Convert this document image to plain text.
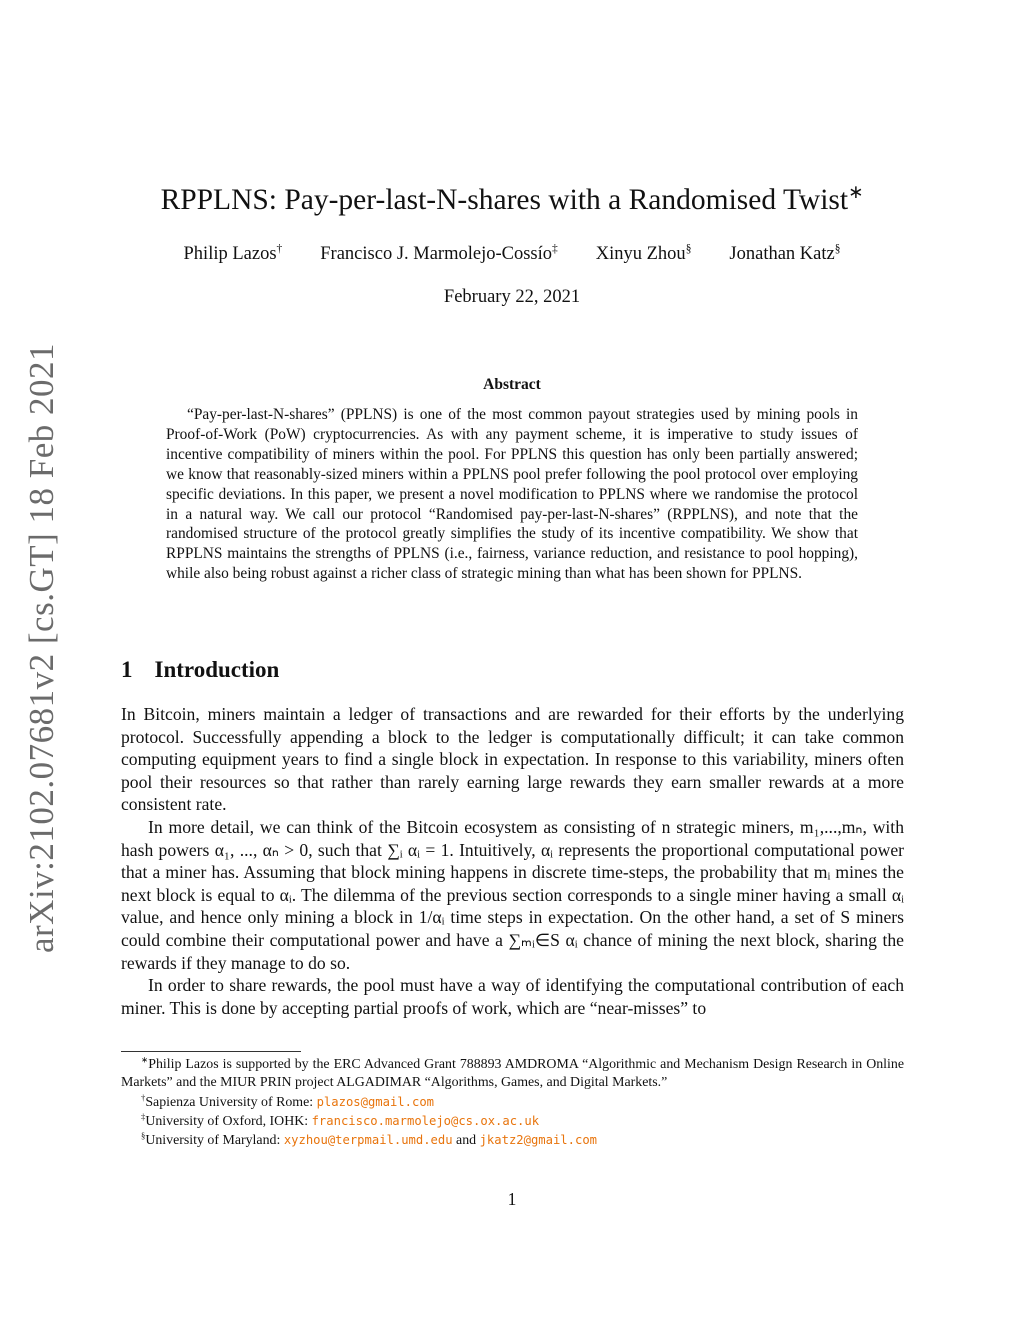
arXiv:2102.07681v2 [cs.GT] 18 Feb 2021
RPPLNS: Pay-per-last-N-shares with a Randomised Twist∗
Philip Lazos† Francisco J. Marmolejo-Cossío‡ Xinyu Zhou§ Jonathan Katz§
February 22, 2021
Abstract

“Pay-per-last-N-shares” (PPLNS) is one of the most common payout strategies used by mining pools in Proof-of-Work (PoW) cryptocurrencies. As with any payment scheme, it is imperative to study issues of incentive compatibility of miners within the pool. For PPLNS this question has only been partially answered; we know that reasonably-sized miners within a PPLNS pool prefer following the pool protocol over employing specific deviations. In this paper, we present a novel modification to PPLNS where we randomise the protocol in a natural way. We call our protocol “Randomised pay-per-last-N-shares” (RPPLNS), and note that the randomised structure of the protocol greatly simplifies the study of its incentive compatibility. We show that RPPLNS maintains the strengths of PPLNS (i.e., fairness, variance reduction, and resistance to pool hopping), while also being robust against a richer class of strategic mining than what has been shown for PPLNS.

1 Introduction

In Bitcoin, miners maintain a ledger of transactions and are rewarded for their efforts by the underlying protocol. Successfully appending a block to the ledger is computationally difficult; it can take common computing equipment years to find a single block in expectation. In response to this variability, miners often pool their resources so that rather than rarely earning large rewards they earn smaller rewards at a more consistent rate.

In more detail, we can think of the Bitcoin ecosystem as consisting of n strategic miners, m₁,...,mₙ, with hash powers α₁, ..., αₙ > 0, such that ∑ᵢ αᵢ = 1. Intuitively, αᵢ represents the proportional computational power that a miner has. Assuming that block mining happens in discrete time-steps, the probability that mᵢ mines the next block is equal to αᵢ. The dilemma of the previous section corresponds to a single miner having a small αᵢ value, and hence only mining a block in 1/αᵢ time steps in expectation. On the other hand, a set of S miners could combine their computational power and have a ∑ₘᵢ∈S αᵢ chance of mining the next block, sharing the rewards if they manage to do so.

In order to share rewards, the pool must have a way of identifying the computational contribution of each miner. This is done by accepting partial proofs of work, which are “near-misses” to

∗Philip Lazos is supported by the ERC Advanced Grant 788893 AMDROMA “Algorithmic and Mechanism Design Research in Online Markets” and the MIUR PRIN project ALGADIMAR “Algorithms, Games, and Digital Markets.”

†Sapienza University of Rome: plazos@gmail.com

‡University of Oxford, IOHK: francisco.marmolejo@cs.ox.ac.uk

§University of Maryland: xyzhou@terpmail.umd.edu and jkatz2@gmail.com

1
